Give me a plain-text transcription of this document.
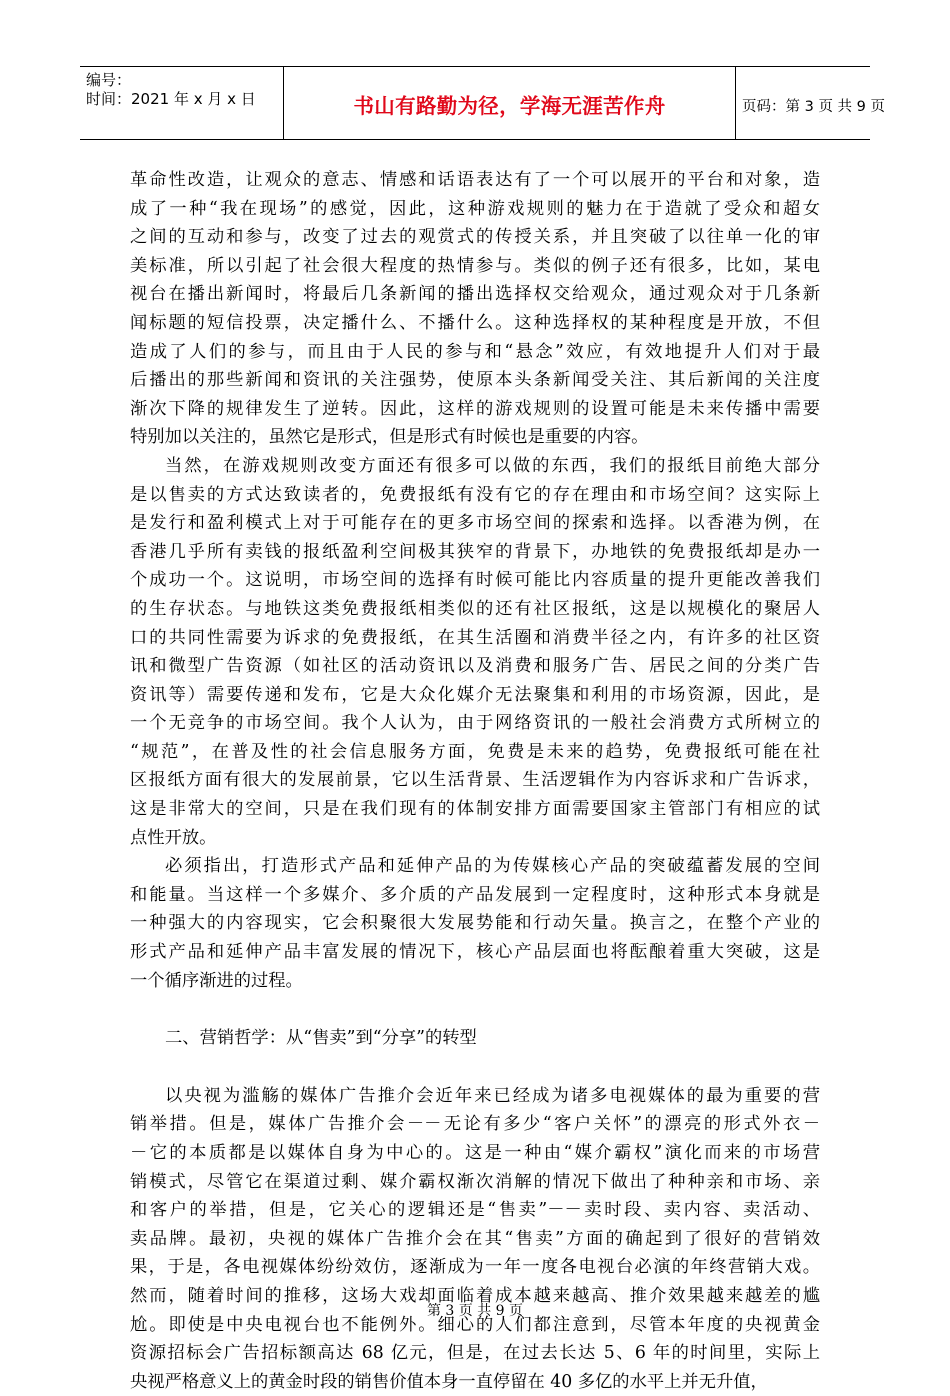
编号：
时间：2021 年 x 月 x 日	书山有路勤为径，学海无涯苦作舟	页码：第 3 页 共 9 页
革命性改造，让观众的意志、情感和话语表达有了一个可以展开的平台和对象，造
成了一种“我在现场”的感觉，因此，这种游戏规则的魅力在于造就了受众和超女
之间的互动和参与，改变了过去的观赏式的传授关系，并且突破了以往单一化的审
美标准，所以引起了社会很大程度的热情参与。类似的例子还有很多，比如，某电
视台在播出新闻时，将最后几条新闻的播出选择权交给观众，通过观众对于几条新
闻标题的短信投票，决定播什么、不播什么。这种选择权的某种程度是开放，不但
造成了人们的参与，而且由于人民的参与和“悬念”效应，有效地提升人们对于最
后播出的那些新闻和资讯的关注强势，使原本头条新闻受关注、其后新闻的关注度
渐次下降的规律发生了逆转。因此，这样的游戏规则的设置可能是未来传播中需要
特别加以关注的，虽然它是形式，但是形式有时候也是重要的内容。
当然，在游戏规则改变方面还有很多可以做的东西，我们的报纸目前绝大部分
是以售卖的方式达致读者的，免费报纸有没有它的存在理由和市场空间？这实际上
是发行和盈利模式上对于可能存在的更多市场空间的探索和选择。以香港为例，在
香港几乎所有卖钱的报纸盈利空间极其狭窄的背景下，办地铁的免费报纸却是办一
个成功一个。这说明，市场空间的选择有时候可能比内容质量的提升更能改善我们
的生存状态。与地铁这类免费报纸相类似的还有社区报纸，这是以规模化的聚居人
口的共同性需要为诉求的免费报纸，在其生活圈和消费半径之内，有许多的社区资
讯和微型广告资源（如社区的活动资讯以及消费和服务广告、居民之间的分类广告
资讯等）需要传递和发布，它是大众化媒介无法聚集和利用的市场资源，因此，是
一个无竞争的市场空间。我个人认为，由于网络资讯的一般社会消费方式所树立的
“规范”，在普及性的社会信息服务方面，免费是未来的趋势，免费报纸可能在社
区报纸方面有很大的发展前景，它以生活背景、生活逻辑作为内容诉求和广告诉求，
这是非常大的空间，只是在我们现有的体制安排方面需要国家主管部门有相应的试
点性开放。
必须指出，打造形式产品和延伸产品的为传媒核心产品的突破蕴蓄发展的空间
和能量。当这样一个多媒介、多介质的产品发展到一定程度时，这种形式本身就是
一种强大的内容现实，它会积聚很大发展势能和行动矢量。换言之，在整个产业的
形式产品和延伸产品丰富发展的情况下，核心产品层面也将酝酿着重大突破，这是
一个循序渐进的过程。
二、营销哲学：从“售卖”到“分享”的转型
以央视为滥觞的媒体广告推介会近年来已经成为诸多电视媒体的最为重要的营
销举措。但是，媒体广告推介会－－无论有多少“客户关怀”的漂亮的形式外衣－
－它的本质都是以媒体自身为中心的。这是一种由“媒介霸权”演化而来的市场营
销模式，尽管它在渠道过剩、媒介霸权渐次消解的情况下做出了种种亲和市场、亲
和客户的举措，但是，它关心的逻辑还是“售卖”－－卖时段、卖内容、卖活动、
卖品牌。最初，央视的媒体广告推介会在其“售卖”方面的确起到了很好的营销效
果，于是，各电视媒体纷纷效仿，逐渐成为一年一度各电视台必演的年终营销大戏。
然而，随着时间的推移，这场大戏却面临着成本越来越高、推介效果越来越差的尴
尬。即使是中央电视台也不能例外。细心的人们都注意到，尽管本年度的央视黄金
资源招标会广告招标额高达 68 亿元，但是，在过去长达 5、6 年的时间里，实际上
央视严格意义上的黄金时段的销售价值本身一直停留在 40 多亿的水平上并无升值，
第 3 页 共 9 页
